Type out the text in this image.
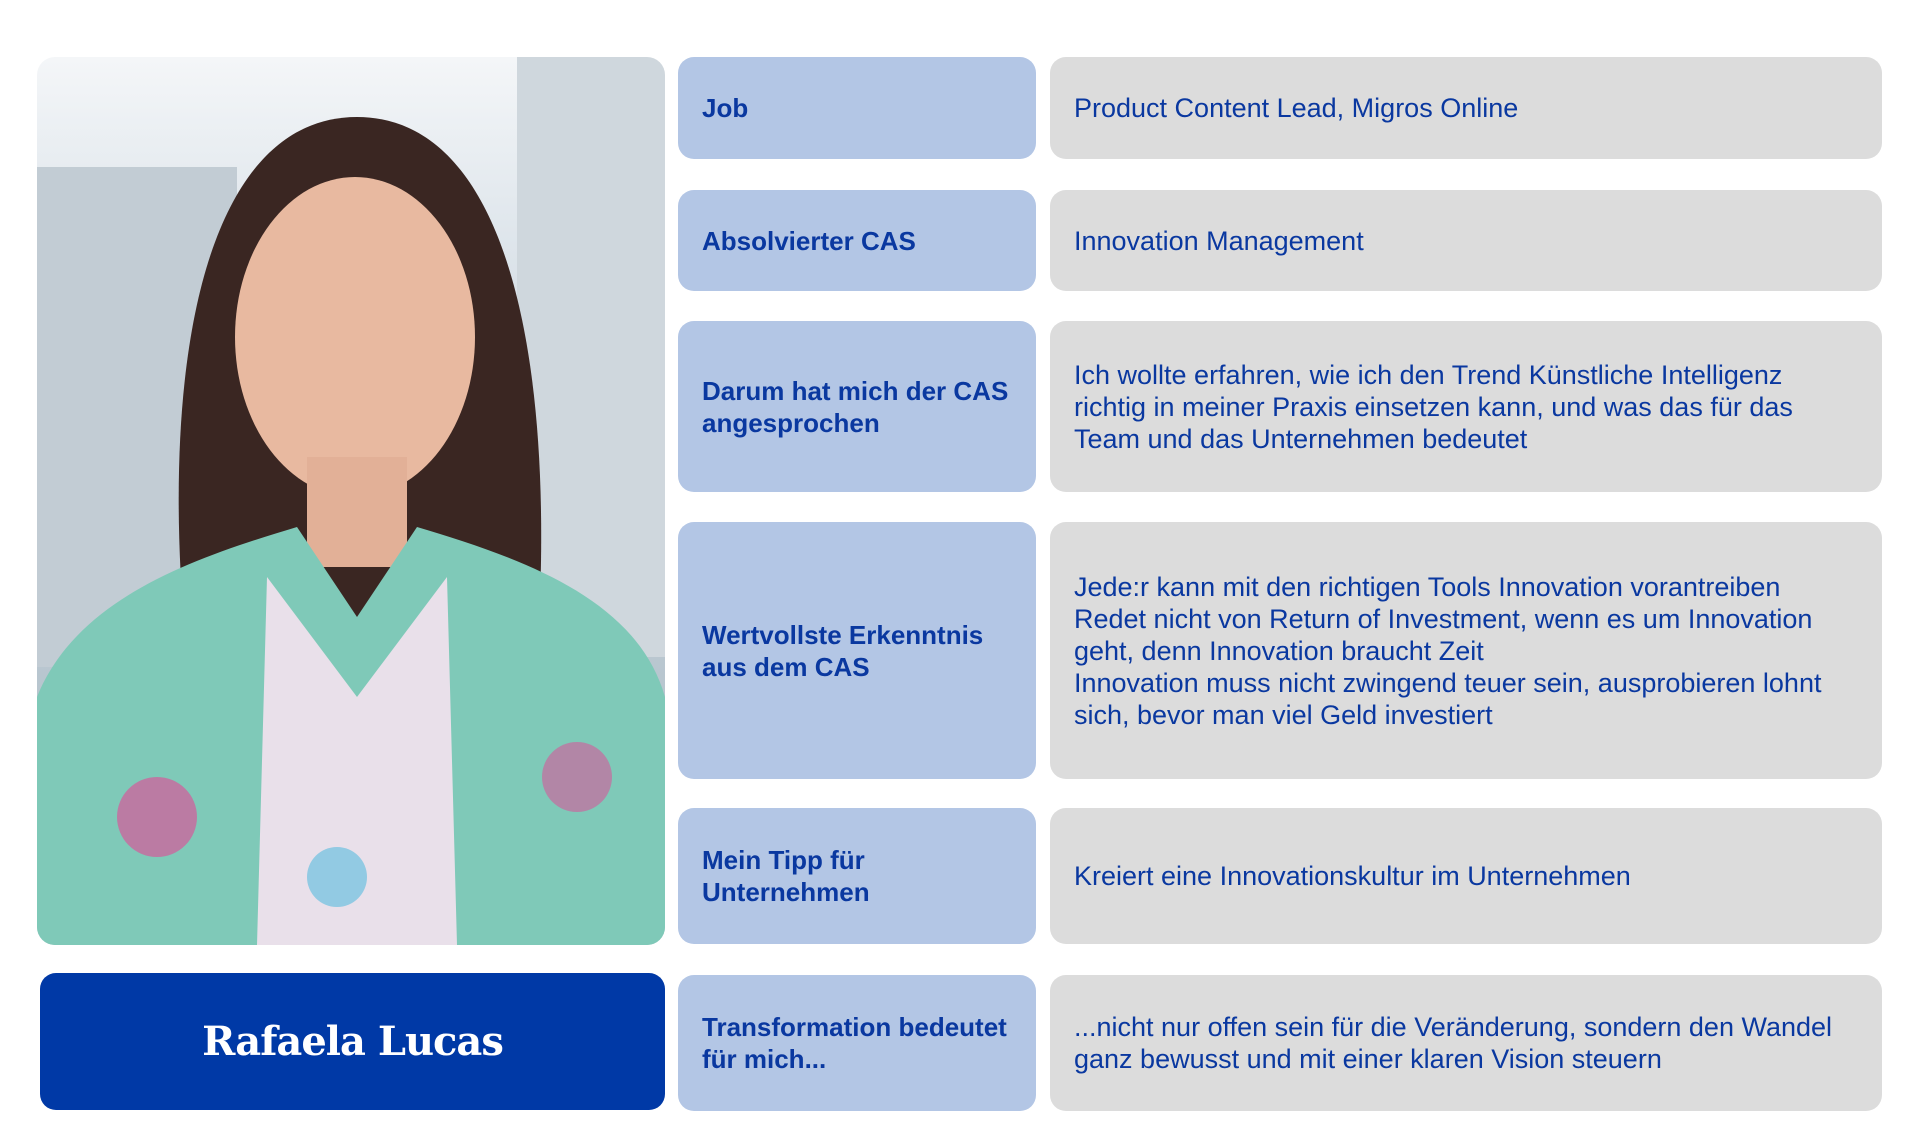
Rafaela Lucas
Job	Product Content Lead, Migros Online
Absolvierter CAS	Innovation Management
Darum hat mich der CAS angesprochen
Ich wollte erfahren, wie ich den Trend Künstliche Intelligenz richtig in meiner Praxis einsetzen kann, und was das für das Team und das Unternehmen bedeutet
Wertvollste Erkenntnis aus dem CAS
Jede:r kann mit den richtigen Tools Innovation vorantreiben
Redet nicht von Return of Investment, wenn es um Innovation geht, denn Innovation braucht Zeit
Innovation muss nicht zwingend teuer sein, ausprobieren lohnt sich, bevor man viel Geld investiert
Mein Tipp für Unternehmen
Kreiert eine Innovationskultur im Unternehmen
Transformation bedeutet für mich...
...nicht nur offen sein für die Veränderung, sondern den Wandel ganz bewusst und mit einer klaren Vision steuern
